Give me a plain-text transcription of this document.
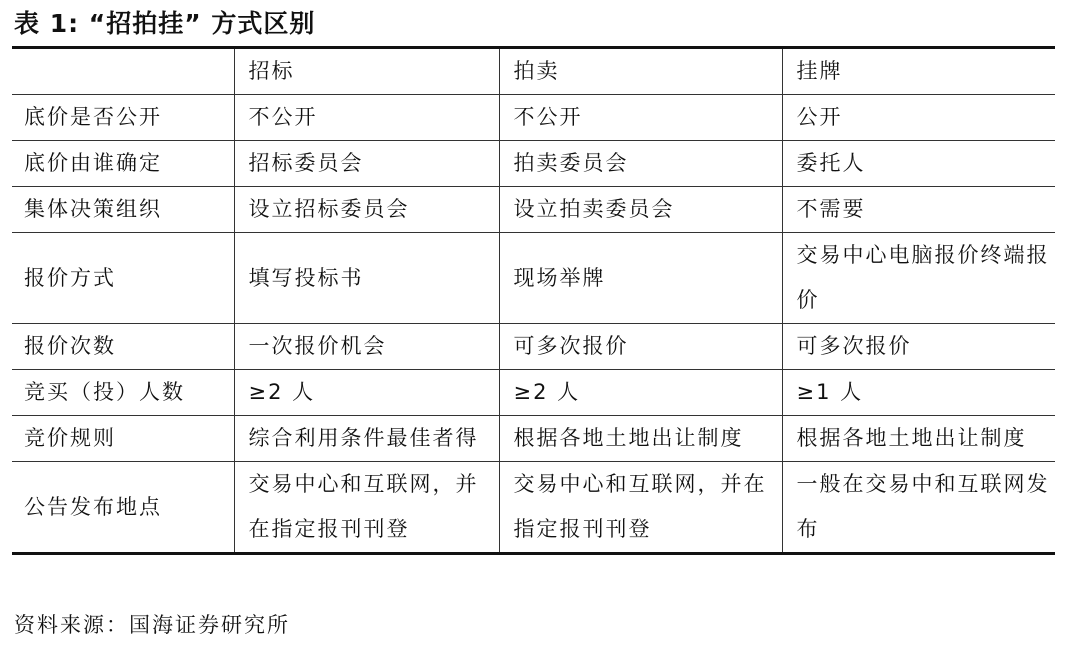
表 1: “招拍挂” 方式区别
	招标	拍卖	挂牌
底价是否公开	不公开	不公开	公开
底价由谁确定	招标委员会	拍卖委员会	委托人
集体决策组织	设立招标委员会	设立拍卖委员会	不需要
报价方式	填写投标书	现场举牌	交易中心电脑报价终端报价
报价次数	一次报价机会	可多次报价	可多次报价
竞买（投）人数	≥2 人	≥2 人	≥1 人
竞价规则	综合利用条件最佳者得	根据各地土地出让制度	根据各地土地出让制度
公告发布地点	交易中心和互联网，并在指定报刊刊登	交易中心和互联网，并在指定报刊刊登	一般在交易中和互联网发布
资料来源：国海证券研究所
